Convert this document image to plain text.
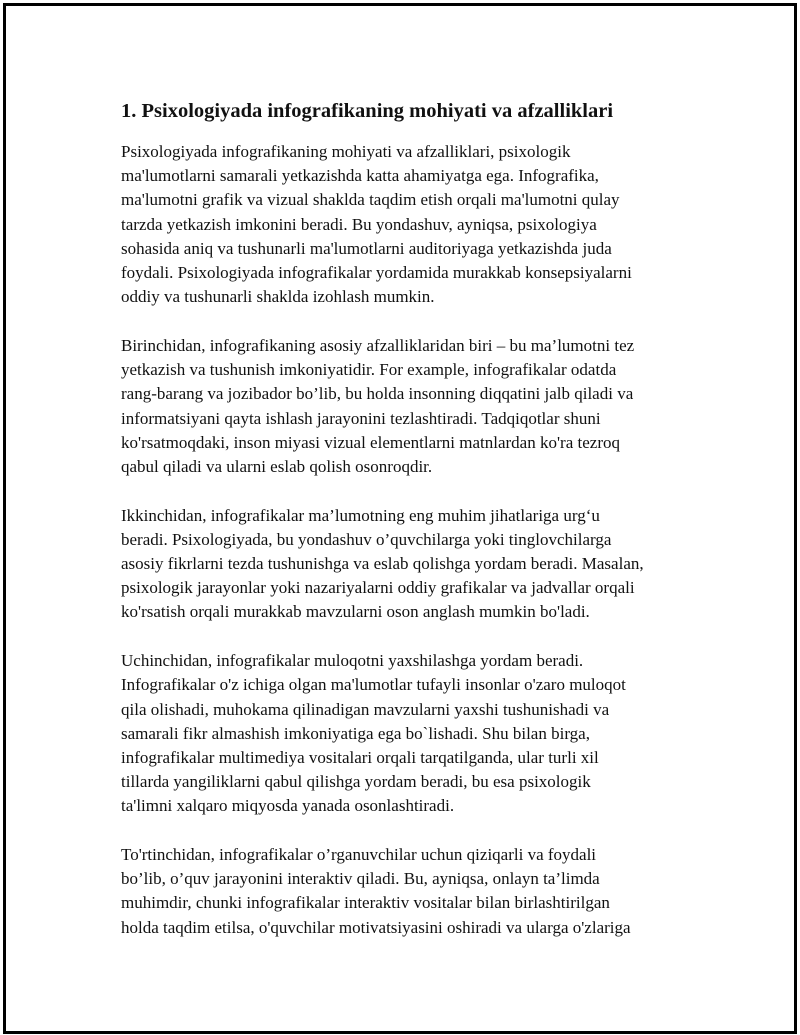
1. Psixologiyada infografikaning mohiyati va afzalliklari

Psixologiyada infografikaning mohiyati va afzalliklari, psixologik
ma'lumotlarni samarali yetkazishda katta ahamiyatga ega. Infografika,
ma'lumotni grafik va vizual shaklda taqdim etish orqali ma'lumotni qulay
tarzda yetkazish imkonini beradi. Bu yondashuv, ayniqsa, psixologiya
sohasida aniq va tushunarli ma'lumotlarni auditoriyaga yetkazishda juda
foydali. Psixologiyada infografikalar yordamida murakkab konsepsiyalarni
oddiy va tushunarli shaklda izohlash mumkin.

Birinchidan, infografikaning asosiy afzalliklaridan biri – bu ma’lumotni tez
yetkazish va tushunish imkoniyatidir. For example, infografikalar odatda
rang-barang va jozibador bo’lib, bu holda insonning diqqatini jalb qiladi va
informatsiyani qayta ishlash jarayonini tezlashtiradi. Tadqiqotlar shuni
ko'rsatmoqdaki, inson miyasi vizual elementlarni matnlardan ko'ra tezroq
qabul qiladi va ularni eslab qolish osonroqdir.

Ikkinchidan, infografikalar ma’lumotning eng muhim jihatlariga urg‘u
beradi. Psixologiyada, bu yondashuv o’quvchilarga yoki tinglovchilarga
asosiy fikrlarni tezda tushunishga va eslab qolishga yordam beradi. Masalan,
psixologik jarayonlar yoki nazariyalarni oddiy grafikalar va jadvallar orqali
ko'rsatish orqali murakkab mavzularni oson anglash mumkin bo'ladi.

Uchinchidan, infografikalar muloqotni yaxshilashga yordam beradi.
Infografikalar o'z ichiga olgan ma'lumotlar tufayli insonlar o'zaro muloqot
qila olishadi, muhokama qilinadigan mavzularni yaxshi tushunishadi va
samarali fikr almashish imkoniyatiga ega bo`lishadi. Shu bilan birga,
infografikalar multimediya vositalari orqali tarqatilganda, ular turli xil
tillarda yangiliklarni qabul qilishga yordam beradi, bu esa psixologik
ta'limni xalqaro miqyosda yanada osonlashtiradi.

To'rtinchidan, infografikalar o’rganuvchilar uchun qiziqarli va foydali
bo’lib, o’quv jarayonini interaktiv qiladi. Bu, ayniqsa, onlayn ta’limda
muhimdir, chunki infografikalar interaktiv vositalar bilan birlashtirilgan
holda taqdim etilsa, o'quvchilar motivatsiyasini oshiradi va ularga o'zlariga
